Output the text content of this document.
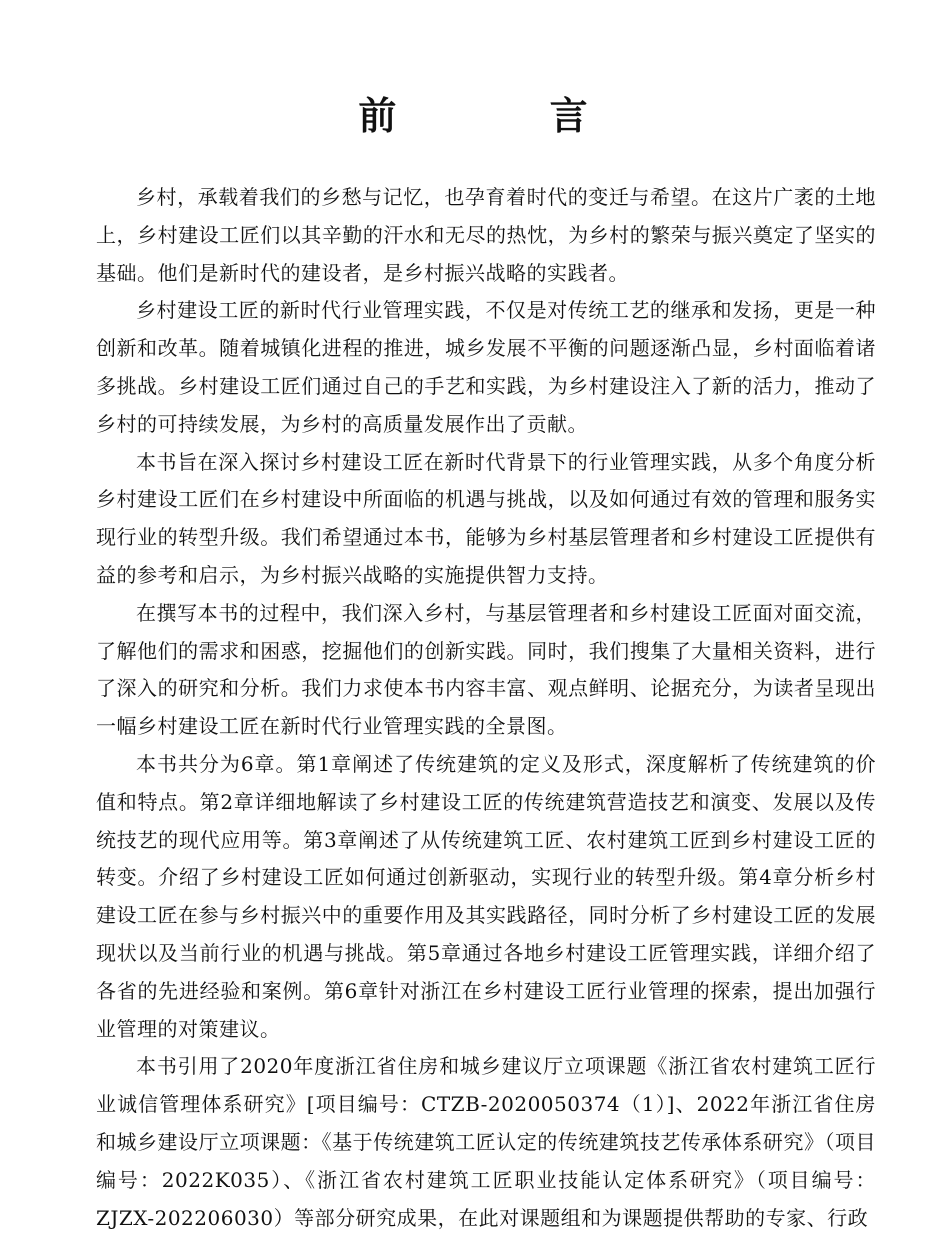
前 言

乡村，承载着我们的乡愁与记忆，也孕育着时代的变迁与希望。在这片广袤的土地上，乡村建设工匠们以其辛勤的汗水和无尽的热忱，为乡村的繁荣与振兴奠定了坚实的基础。他们是新时代的建设者，是乡村振兴战略的实践者。

乡村建设工匠的新时代行业管理实践，不仅是对传统工艺的继承和发扬，更是一种创新和改革。随着城镇化进程的推进，城乡发展不平衡的问题逐渐凸显，乡村面临着诸多挑战。乡村建设工匠们通过自己的手艺和实践，为乡村建设注入了新的活力，推动了乡村的可持续发展，为乡村的高质量发展作出了贡献。

本书旨在深入探讨乡村建设工匠在新时代背景下的行业管理实践，从多个角度分析乡村建设工匠们在乡村建设中所面临的机遇与挑战，以及如何通过有效的管理和服务实现行业的转型升级。我们希望通过本书，能够为乡村基层管理者和乡村建设工匠提供有益的参考和启示，为乡村振兴战略的实施提供智力支持。

在撰写本书的过程中，我们深入乡村，与基层管理者和乡村建设工匠面对面交流，了解他们的需求和困惑，挖掘他们的创新实践。同时，我们搜集了大量相关资料，进行了深入的研究和分析。我们力求使本书内容丰富、观点鲜明、论据充分，为读者呈现出一幅乡村建设工匠在新时代行业管理实践的全景图。

本书共分为6章。第1章阐述了传统建筑的定义及形式，深度解析了传统建筑的价值和特点。第2章详细地解读了乡村建设工匠的传统建筑营造技艺和演变、发展以及传统技艺的现代应用等。第3章阐述了从传统建筑工匠、农村建筑工匠到乡村建设工匠的转变。介绍了乡村建设工匠如何通过创新驱动，实现行业的转型升级。第4章分析乡村建设工匠在参与乡村振兴中的重要作用及其实践路径，同时分析了乡村建设工匠的发展现状以及当前行业的机遇与挑战。第5章通过各地乡村建设工匠管理实践，详细介绍了各省的先进经验和案例。第6章针对浙江在乡村建设工匠行业管理的探索，提出加强行业管理的对策建议。

本书引用了2020年度浙江省住房和城乡建议厅立项课题《浙江省农村建筑工匠行业诚信管理体系研究》[项目编号：CTZB-2020050374（1）]、2022年浙江省住房和城乡建设厅立项课题：《基于传统建筑工匠认定的传统建筑技艺传承体系研究》（项目编号：2022K035）、《浙江省农村建筑工匠职业技能认定体系研究》（项目编号：ZJZX-202206030）等部分研究成果，在此对课题组和为课题提供帮助的专家、行政
